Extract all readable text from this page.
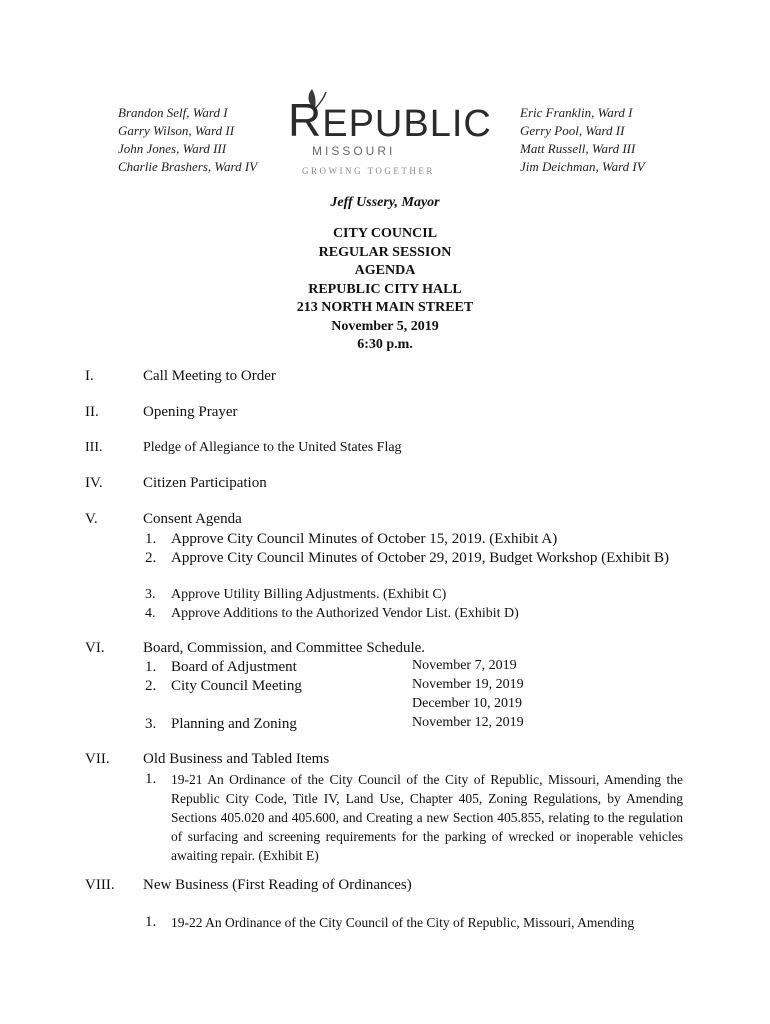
Brandon Self, Ward I
Garry Wilson, Ward II
John Jones, Ward III
Charlie Brashers, Ward IV
REPUBLIC
MISSOURI
GROWING TOGETHER
Eric Franklin, Ward I
Gerry Pool, Ward II
Matt Russell, Ward III
Jim Deichman, Ward IV
Jeff Ussery, Mayor
CITY COUNCIL
REGULAR SESSION
AGENDA
REPUBLIC CITY HALL
213 NORTH MAIN STREET
November 5, 2019
6:30 p.m.
I.	Call Meeting to Order
II.	Opening Prayer
III.	Pledge of Allegiance to the United States Flag
IV.	Citizen Participation
V.	Consent Agenda
1. Approve City Council Minutes of October 15, 2019. (Exhibit A)
2. Approve City Council Minutes of October 29, 2019, Budget Workshop (Exhibit B)
3. Approve Utility Billing Adjustments. (Exhibit C)
4. Approve Additions to the Authorized Vendor List. (Exhibit D)
VI.	Board, Commission, and Committee Schedule.
1. Board of Adjustment	November 7, 2019
2. City Council Meeting	November 19, 2019
December 10, 2019
3. Planning and Zoning	November 12, 2019
VII. Old Business and Tabled Items
1. 19-21 An Ordinance of the City Council of the City of Republic, Missouri, Amending the Republic City Code, Title IV, Land Use, Chapter 405, Zoning Regulations, by Amending Sections 405.020 and 405.600, and Creating a new Section 405.855, relating to the regulation of surfacing and screening requirements for the parking of wrecked or inoperable vehicles awaiting repair. (Exhibit E)
VIII. New Business (First Reading of Ordinances)
1. 19-22 An Ordinance of the City Council of the City of Republic, Missouri, Amending
